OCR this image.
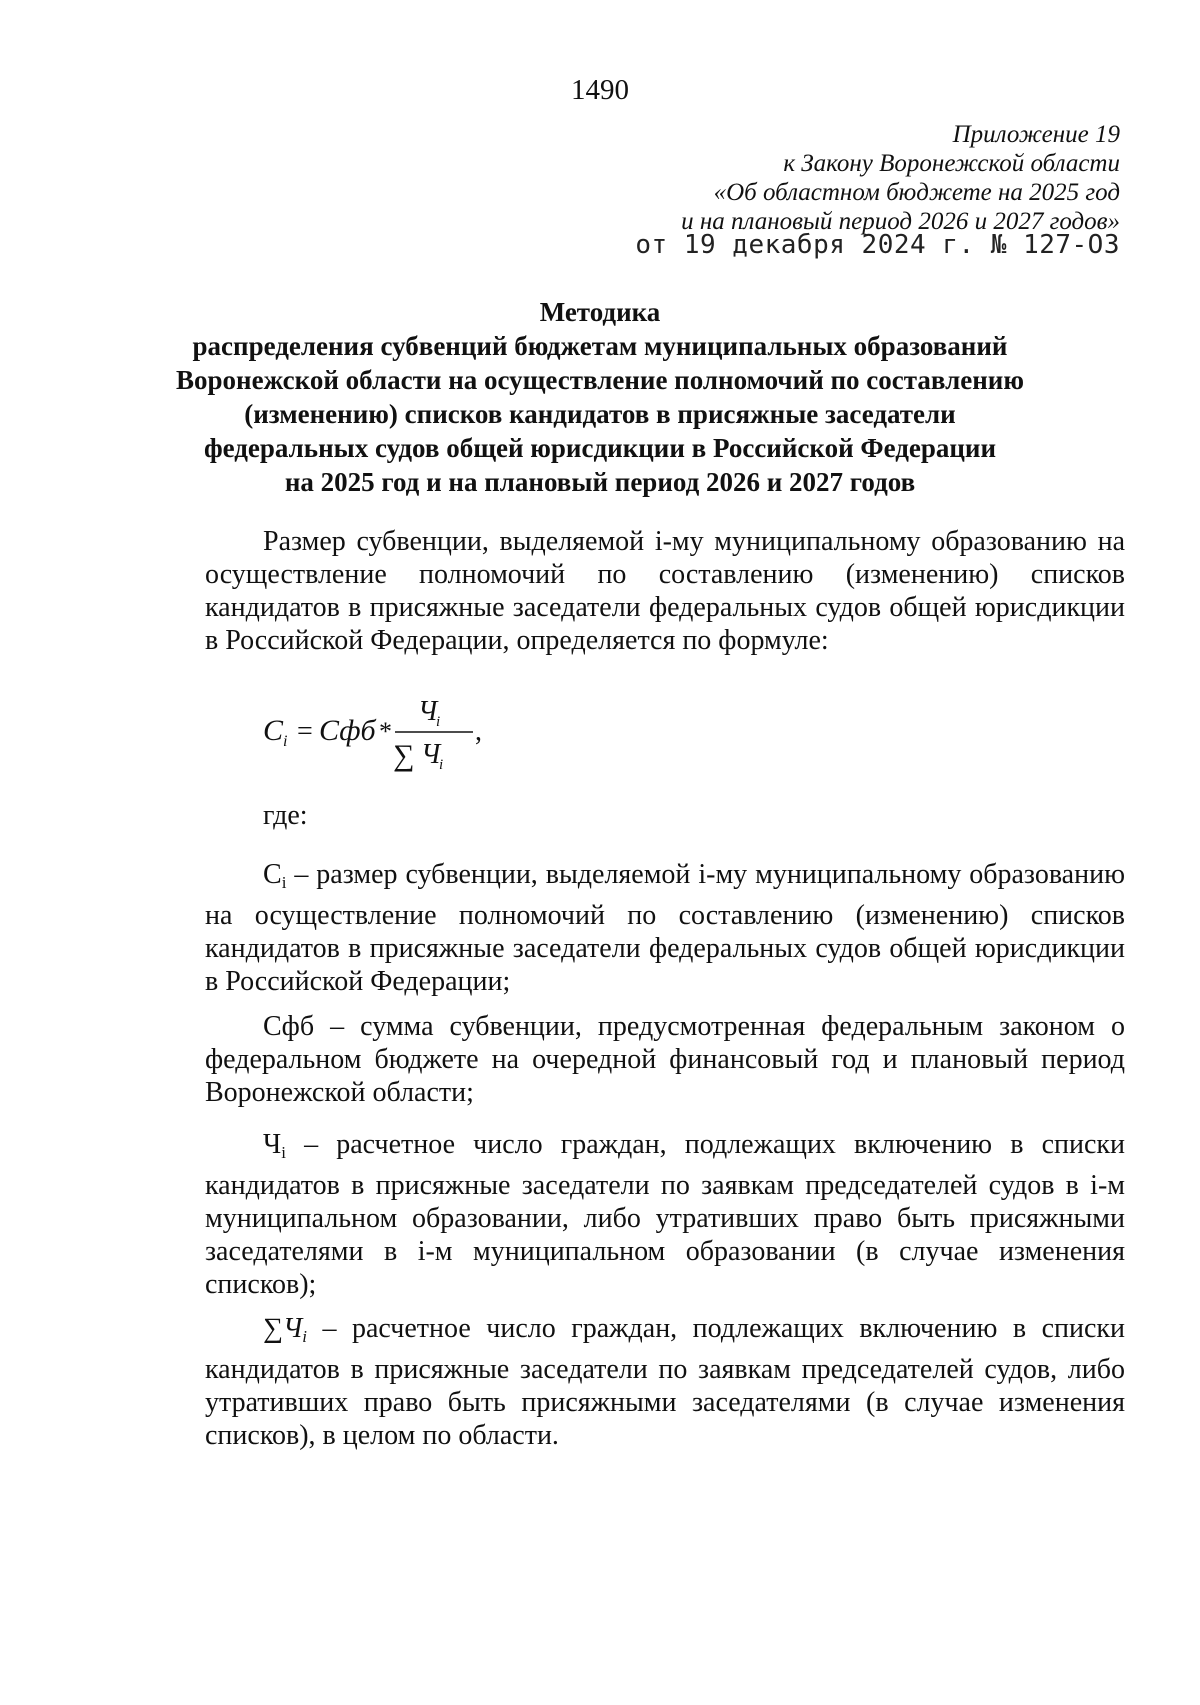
1490
Приложение 19
к Закону Воронежской области
«Об областном бюджете на 2025 год
и на плановый период 2026 и 2027 годов»
от 19 декабря 2024 г. № 127-ОЗ
Методика
распределения субвенций бюджетам муниципальных образований
Воронежской области на осуществление полномочий по составлению
(изменению) списков кандидатов в присяжные заседатели
федеральных судов общей юрисдикции в Российской Федерации
на 2025 год и на плановый период 2026 и 2027 годов

Размер субвенции, выделяемой i-му муниципальному образованию на осуществление полномочий по составлению (изменению) списков кандидатов в присяжные заседатели федеральных судов общей юрисдикции в Российской Федерации, определяется по формуле:

C i = Сфб *
Ч
i
∑ Ч
i
,
где:

$С_i$ – размер субвенции, выделяемой i-му муниципальному образованию на осуществление полномочий по составлению (изменению) списков кандидатов в присяжные заседатели федеральных судов общей юрисдикции в Российской Федерации;

Сфб – сумма субвенции, предусмотренная федеральным законом о федеральном бюджете на очередной финансовый год и плановый период Воронежской области;

$Ч_i$ – расчетное число граждан, подлежащих включению в списки кандидатов в присяжные заседатели по заявкам председателей судов в i-м муниципальном образовании, либо утративших право быть присяжными заседателями в i-м муниципальном образовании (в случае изменения списков);

$\sum Ч_i$ – расчетное число граждан, подлежащих включению в списки кандидатов в присяжные заседатели по заявкам председателей судов, либо утративших право быть присяжными заседателями (в случае изменения списков), в целом по области.
